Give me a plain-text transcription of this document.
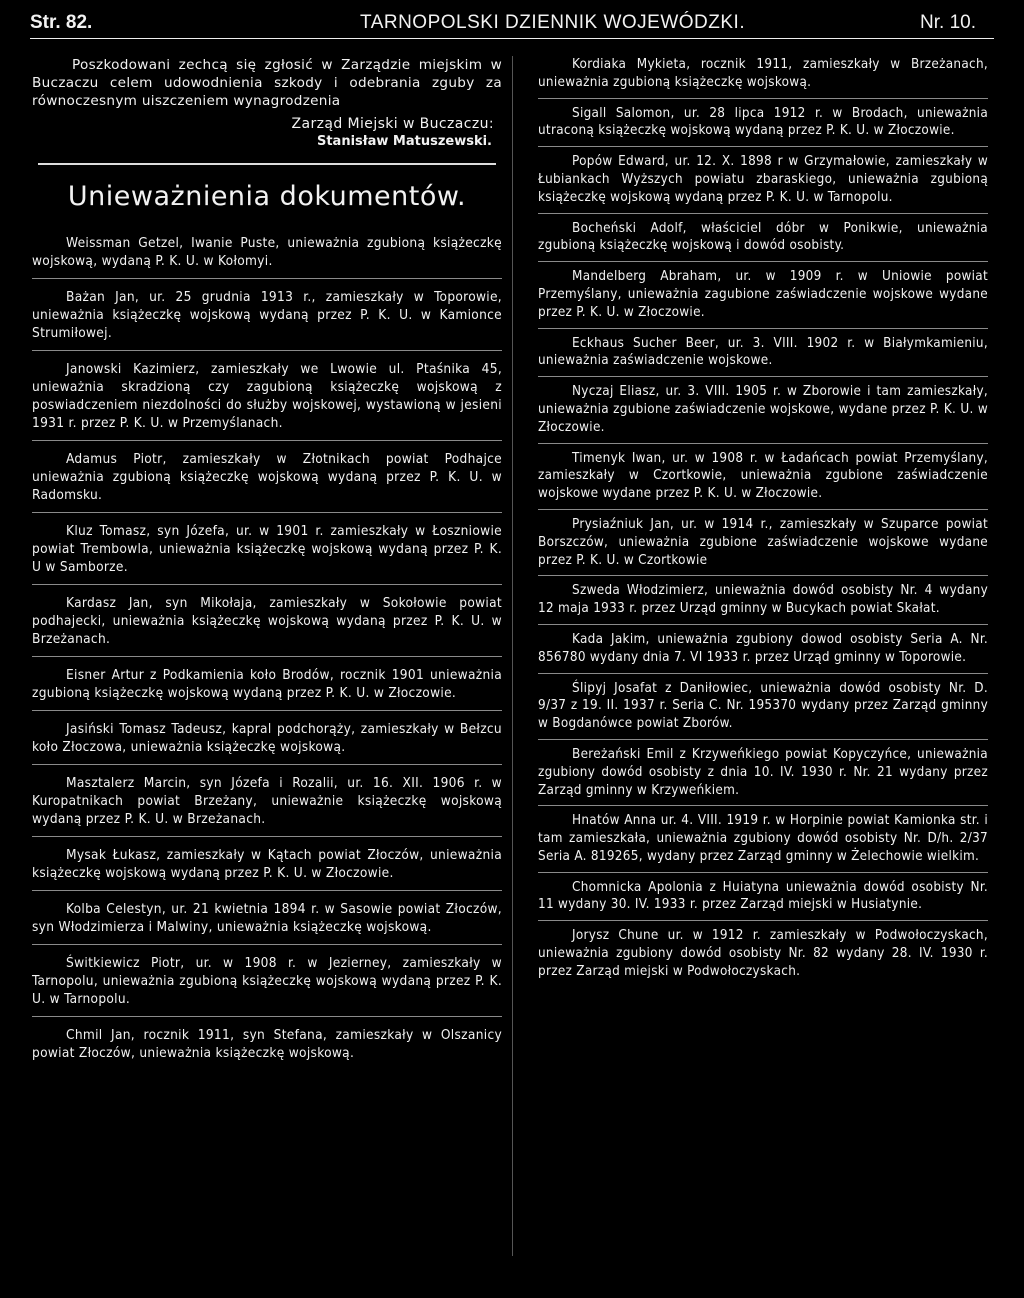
Str. 82.	TARNOPOLSKI DZIENNIK WOJEWÓDZKI.	Nr. 10.
Poszkodowani zechcą się zgłosić w Zarządzie miejskim w Buczaczu celem udowodnienia szkody i odebrania zguby za równoczesnym uiszczeniem wynagrodzenia
Zarząd Miejski w Buczaczu:
Stanisław Matuszewski.
Unieważnienia dokumentów.
Weissman Getzel, Iwanie Puste, unieważnia zgubioną książeczkę wojskową, wydaną P. K. U. w Kołomyi.
Bażan Jan, ur. 25 grudnia 1913 r., zamieszkały w Toporowie, unieważnia książeczkę wojskową wydaną przez P. K. U. w Kamionce Strumiłowej.
Janowski Kazimierz, zamieszkały we Lwowie ul. Ptaśnika 45, unieważnia skradzioną czy zagubioną książeczkę wojskową z poswiadczeniem niezdolności do służby wojskowej, wystawioną w jesieni 1931 r. przez P. K. U. w Przemyślanach.
Adamus Piotr, zamieszkały w Złotnikach powiat Podhajce unieważnia zgubioną książeczkę wojskową wydaną przez P. K. U. w Radomsku.
Kluz Tomasz, syn Józefa, ur. w 1901 r. zamieszkały w Łoszniowie powiat Trembowla, unieważnia książeczkę wojskową wydaną przez P. K. U w Samborze.
Kardasz Jan, syn Mikołaja, zamieszkały w Sokołowie powiat podhajecki, unieważnia książeczkę wojskową wydaną przez P. K. U. w Brzeżanach.
Eisner Artur z Podkamienia koło Brodów, rocznik 1901 unieważnia zgubioną książeczkę wojskową wydaną przez P. K. U. w Złoczowie.
Jasiński Tomasz Tadeusz, kapral podchorąży, zamieszkały w Bełzcu koło Złoczowa, unieważnia książeczkę wojskową.
Masztalerz Marcin, syn Józefa i Rozalii, ur. 16. XII. 1906 r. w Kuropatnikach powiat Brzeżany, unieważnie książeczkę wojskową wydaną przez P. K. U. w Brzeżanach.
Mysak Łukasz, zamieszkały w Kątach powiat Złoczów, unieważnia książeczkę wojskową wydaną przez P. K. U. w Złoczowie.
Kolba Celestyn, ur. 21 kwietnia 1894 r. w Sasowie powiat Złoczów, syn Włodzimierza i Malwiny, unieważnia książeczkę wojskową.
Świtkiewicz Piotr, ur. w 1908 r. w Jezierney, zamieszkały w Tarnopolu, unieważnia zgubioną książeczkę wojskową wydaną przez P. K. U. w Tarnopolu.
Chmil Jan, rocznik 1911, syn Stefana, zamieszkały w Olszanicy powiat Złoczów, unieważnia książeczkę wojskową.
Kordiaka Mykieta, rocznik 1911, zamieszkały w Brzeżanach, unieważnia zgubioną książeczkę wojskową.
Sigall Salomon, ur. 28 lipca 1912 r. w Brodach, unieważnia utraconą książeczkę wojskową wydaną przez P. K. U. w Złoczowie.
Popów Edward, ur. 12. X. 1898 r w Grzymałowie, zamieszkały w Łubiankach Wyższych powiatu zbaraskiego, unieważnia zgubioną książeczkę wojskową wydaną przez P. K. U. w Tarnopolu.
Bocheński Adolf, właściciel dóbr w Ponikwie, unieważnia zgubioną książeczkę wojskową i dowód osobisty.
Mandelberg Abraham, ur. w 1909 r. w Uniowie powiat Przemyślany, unieważnia zagubione zaświadczenie wojskowe wydane przez P. K. U. w Złoczowie.
Eckhaus Sucher Beer, ur. 3. VIII. 1902 r. w Białymkamieniu, unieważnia zaświadczenie wojskowe.
Nyczaj Eliasz, ur. 3. VIII. 1905 r. w Zborowie i tam zamieszkały, unieważnia zgubione zaświadczenie wojskowe, wydane przez P. K. U. w Złoczowie.
Timenyk Iwan, ur. w 1908 r. w Ładańcach powiat Przemyślany, zamieszkały w Czortkowie, unieważnia zgubione zaświadczenie wojskowe wydane przez P. K. U. w Złoczowie.
Prysiaźniuk Jan, ur. w 1914 r., zamieszkały w Szuparce powiat Borszczów, unieważnia zgubione zaświadczenie wojskowe wydane przez P. K. U. w Czortkowie
Szweda Włodzimierz, unieważnia dowód osobisty Nr. 4 wydany 12 maja 1933 r. przez Urząd gminny w Bucykach powiat Skałat.
Kada Jakim, unieważnia zgubiony dowod osobisty Seria A. Nr. 856780 wydany dnia 7. VI 1933 r. przez Urząd gminny w Toporowie.
Ślipyj Josafat z Daniłowiec, unieważnia dowód osobisty Nr. D. 9/37 z 19. II. 1937 r. Seria C. Nr. 195370 wydany przez Zarząd gminny w Bogdanówce powiat Zborów.
Bereżański Emil z Krzyweńkiego powiat Kopyczyńce, unieważnia zgubiony dowód osobisty z dnia 10. IV. 1930 r. Nr. 21 wydany przez Zarząd gminny w Krzyweńkiem.
Hnatów Anna ur. 4. VIII. 1919 r. w Horpinie powiat Kamionka str. i tam zamieszkała, unieważnia zgubiony dowód osobisty Nr. D/h. 2/37 Seria A. 819265, wydany przez Zarząd gminny w Żelechowie wielkim.
Chomnicka Apolonia z Huiatyna unieważnia dowód osobisty Nr. 11 wydany 30. IV. 1933 r. przez Zarząd miejski w Husiatynie.
Jorysz Chune ur. w 1912 r. zamieszkały w Podwołoczyskach, unieważnia zgubiony dowód osobisty Nr. 82 wydany 28. IV. 1930 r. przez Zarząd miejski w Podwołoczyskach.
